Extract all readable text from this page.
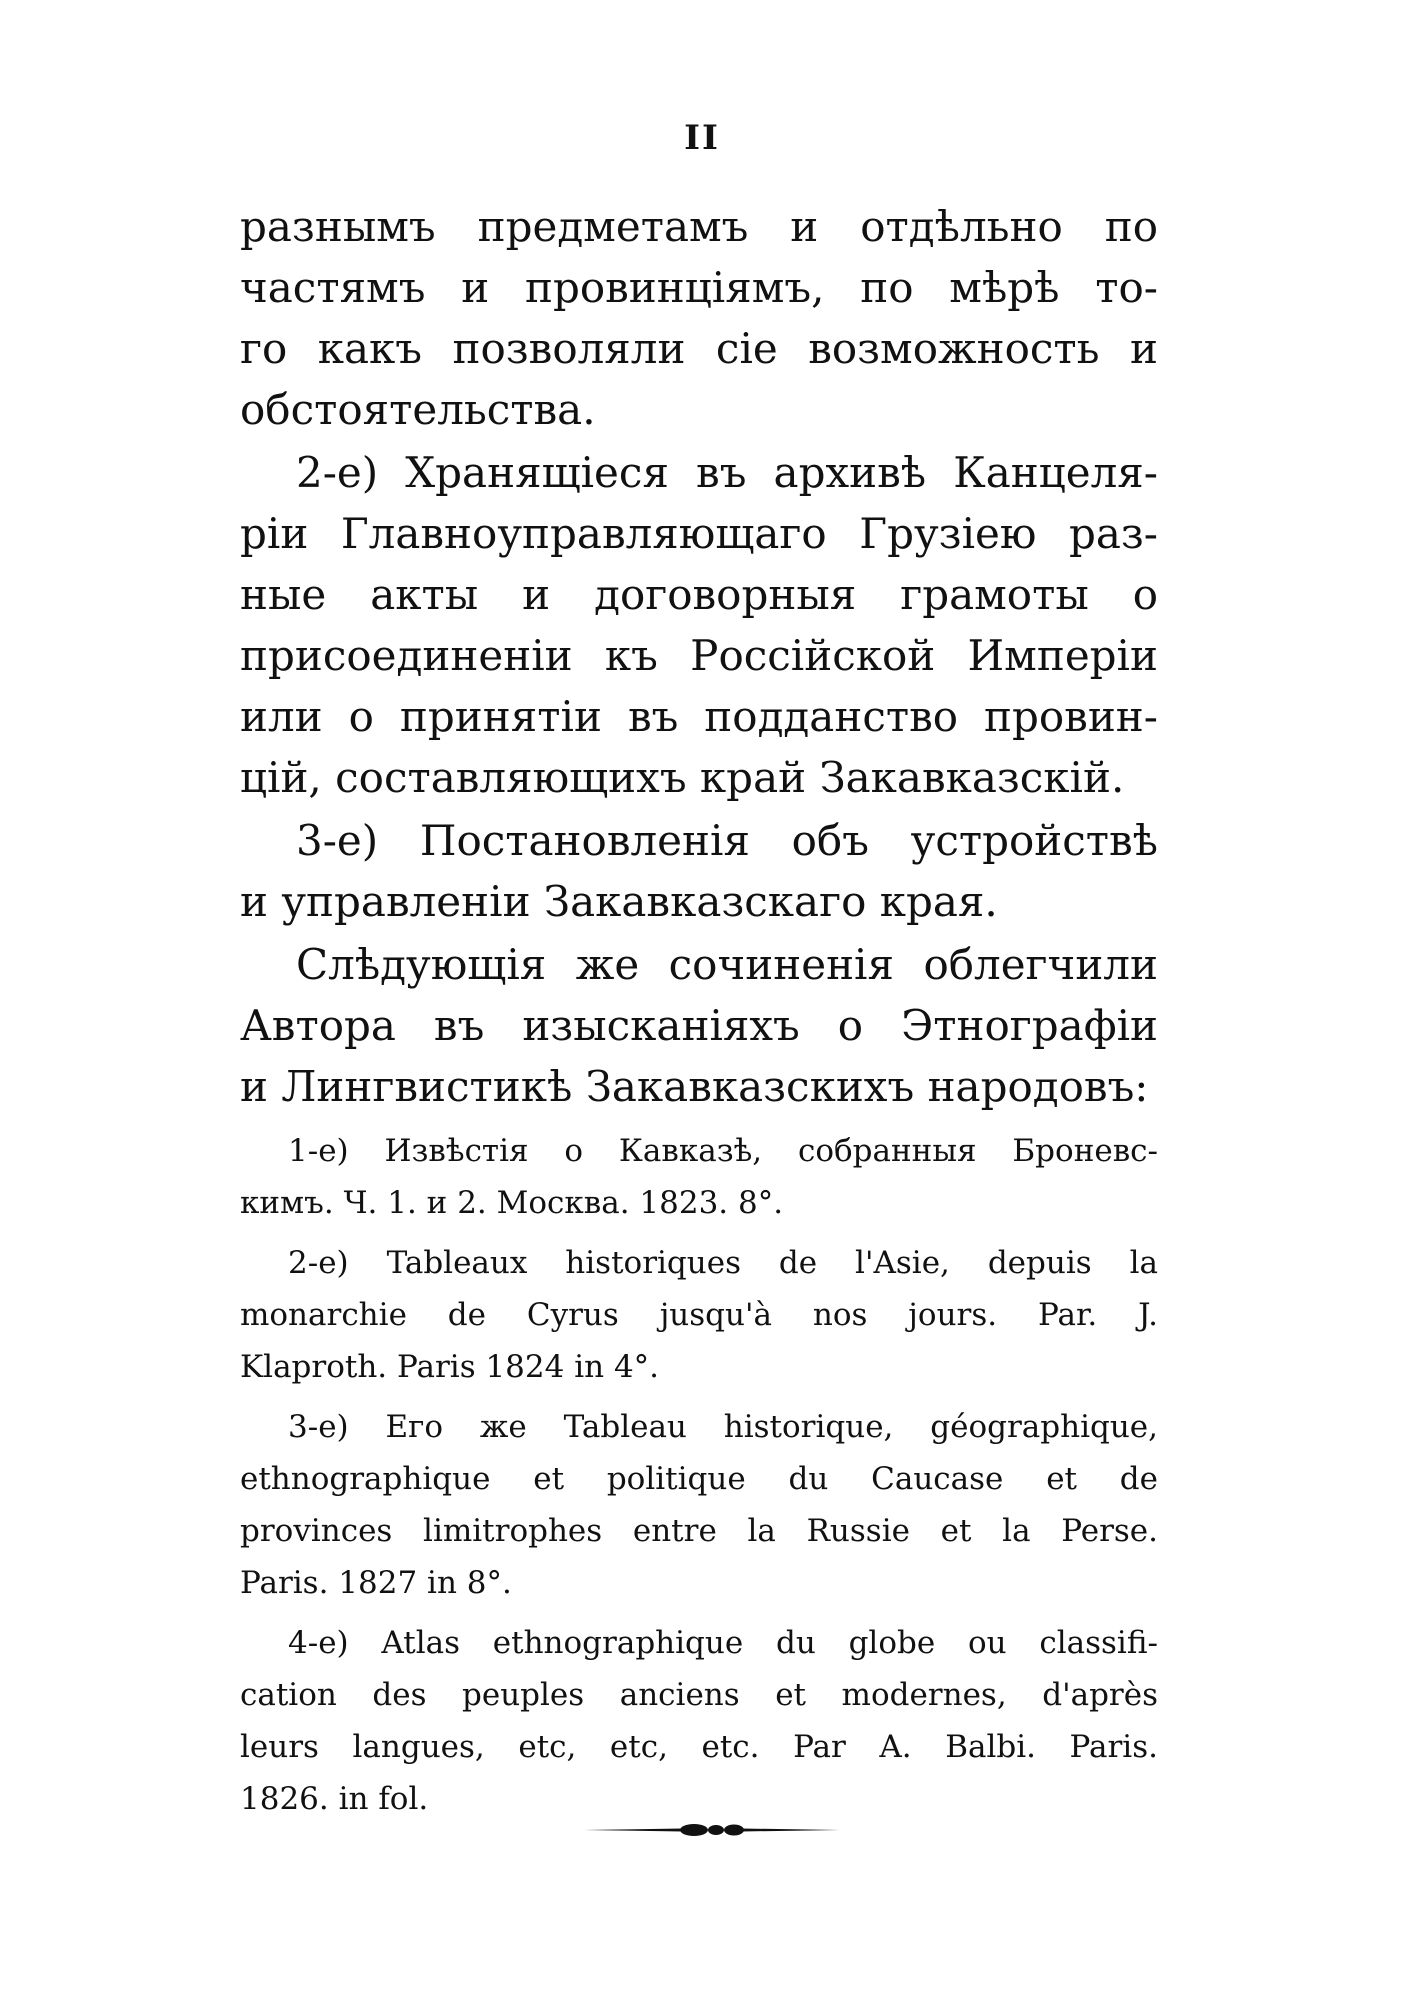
II
разнымъ предметамъ и отдѣльно по
частямъ и провинціямъ, по мѣрѣ то-
го какъ позволяли сіе возможность и
обстоятельства.
2-е) Хранящіеся въ архивѣ Канцеля-
ріи Главноуправляющаго Грузіею раз-
ные акты и договорныя грамоты о
присоединеніи къ Россійской Имперіи
или о принятіи въ подданство провин-
цій, составляющихъ край Закавказскій.
3-е) Постановленія объ устройствѣ
и управленіи Закавказскаго края.
Слѣдующія же сочиненія облегчили
Автора въ изысканіяхъ о Этнографіи
и Лингвистикѣ Закавказскихъ народовъ:
1-е) Извѣстія о Кавказѣ, собранныя Броневс-
кимъ. Ч. 1. и 2. Москва. 1823. 8°.
2-е) Tableaux historiques de l'Asie, depuis la
monarchie de Cyrus jusqu'à nos jours. Par. J.
Klaproth. Paris 1824 in 4°.
3-е) Его же Tableau historique, géographique,
ethnographique et politique du Caucase et de
provinces limitrophes entre la Russie et la Perse.
Paris. 1827 in 8°.
4-е) Atlas ethnographique du globe ou classifi-
cation des peuples anciens et modernes, d'après
leurs langues, etc, etc, etc. Par A. Balbi. Paris.
1826. in fol.
